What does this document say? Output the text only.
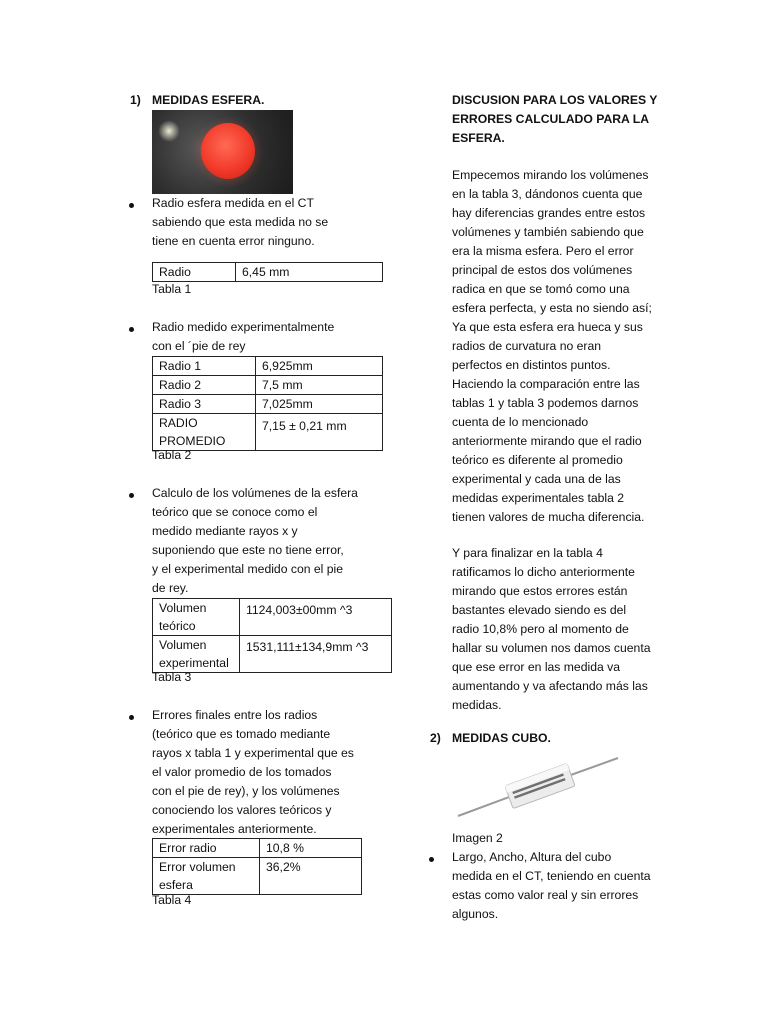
1) MEDIDAS ESFERA.
Radio esfera medida en el CT
sabiendo que esta medida no se
tiene en cuenta error ninguno.
Radio	6,45 mm
Tabla 1
Radio medido experimentalmente
con el ´pie de rey
Radio 1	6,925mm
Radio 2	7,5 mm
Radio 3	7,025mm
RADIO
PROMEDIO	7,15 ± 0,21 mm
Tabla 2
Calculo de los volúmenes de la esfera
teórico que se conoce como el
medido mediante rayos x y
suponiendo que este no tiene error,
y el experimental medido con el pie
de rey.
Volumen
teórico	1124,003±00mm ^3
Volumen
experimental	1531,111±134,9mm ^3
Tabla 3
Errores finales entre los radios
(teórico que es tomado mediante
rayos x tabla 1 y experimental que es
el valor promedio de los tomados
con el pie de rey), y los volúmenes
conociendo los valores teóricos y
experimentales anteriormente.
Error radio	10,8 %
Error volumen
esfera	36,2%
Tabla 4
DISCUSION PARA LOS VALORES Y
ERRORES CALCULADO PARA LA
ESFERA.
Empecemos mirando los volúmenes
en la tabla 3, dándonos cuenta que
hay diferencias grandes entre estos
volúmenes y también sabiendo que
era la misma esfera. Pero el error
principal de estos dos volúmenes
radica en que se tomó como una
esfera perfecta, y esta no siendo así;
Ya que esta esfera era hueca y sus
radios de curvatura no eran
perfectos en distintos puntos.
Haciendo la comparación entre las
tablas 1 y tabla 3 podemos darnos
cuenta de lo mencionado
anteriormente mirando que el radio
teórico es diferente al promedio
experimental y cada una de las
medidas experimentales tabla 2
tienen valores de mucha diferencia.
Y para finalizar en la tabla 4
ratificamos lo dicho anteriormente
mirando que estos errores están
bastantes elevado siendo es del
radio 10,8% pero al momento de
hallar su volumen nos damos cuenta
que ese error en las medida va
aumentando y va afectando más las
medidas.
2) MEDIDAS CUBO.
Imagen 2
Largo, Ancho, Altura del cubo
medida en el CT, teniendo en cuenta
estas como valor real y sin errores
algunos.
